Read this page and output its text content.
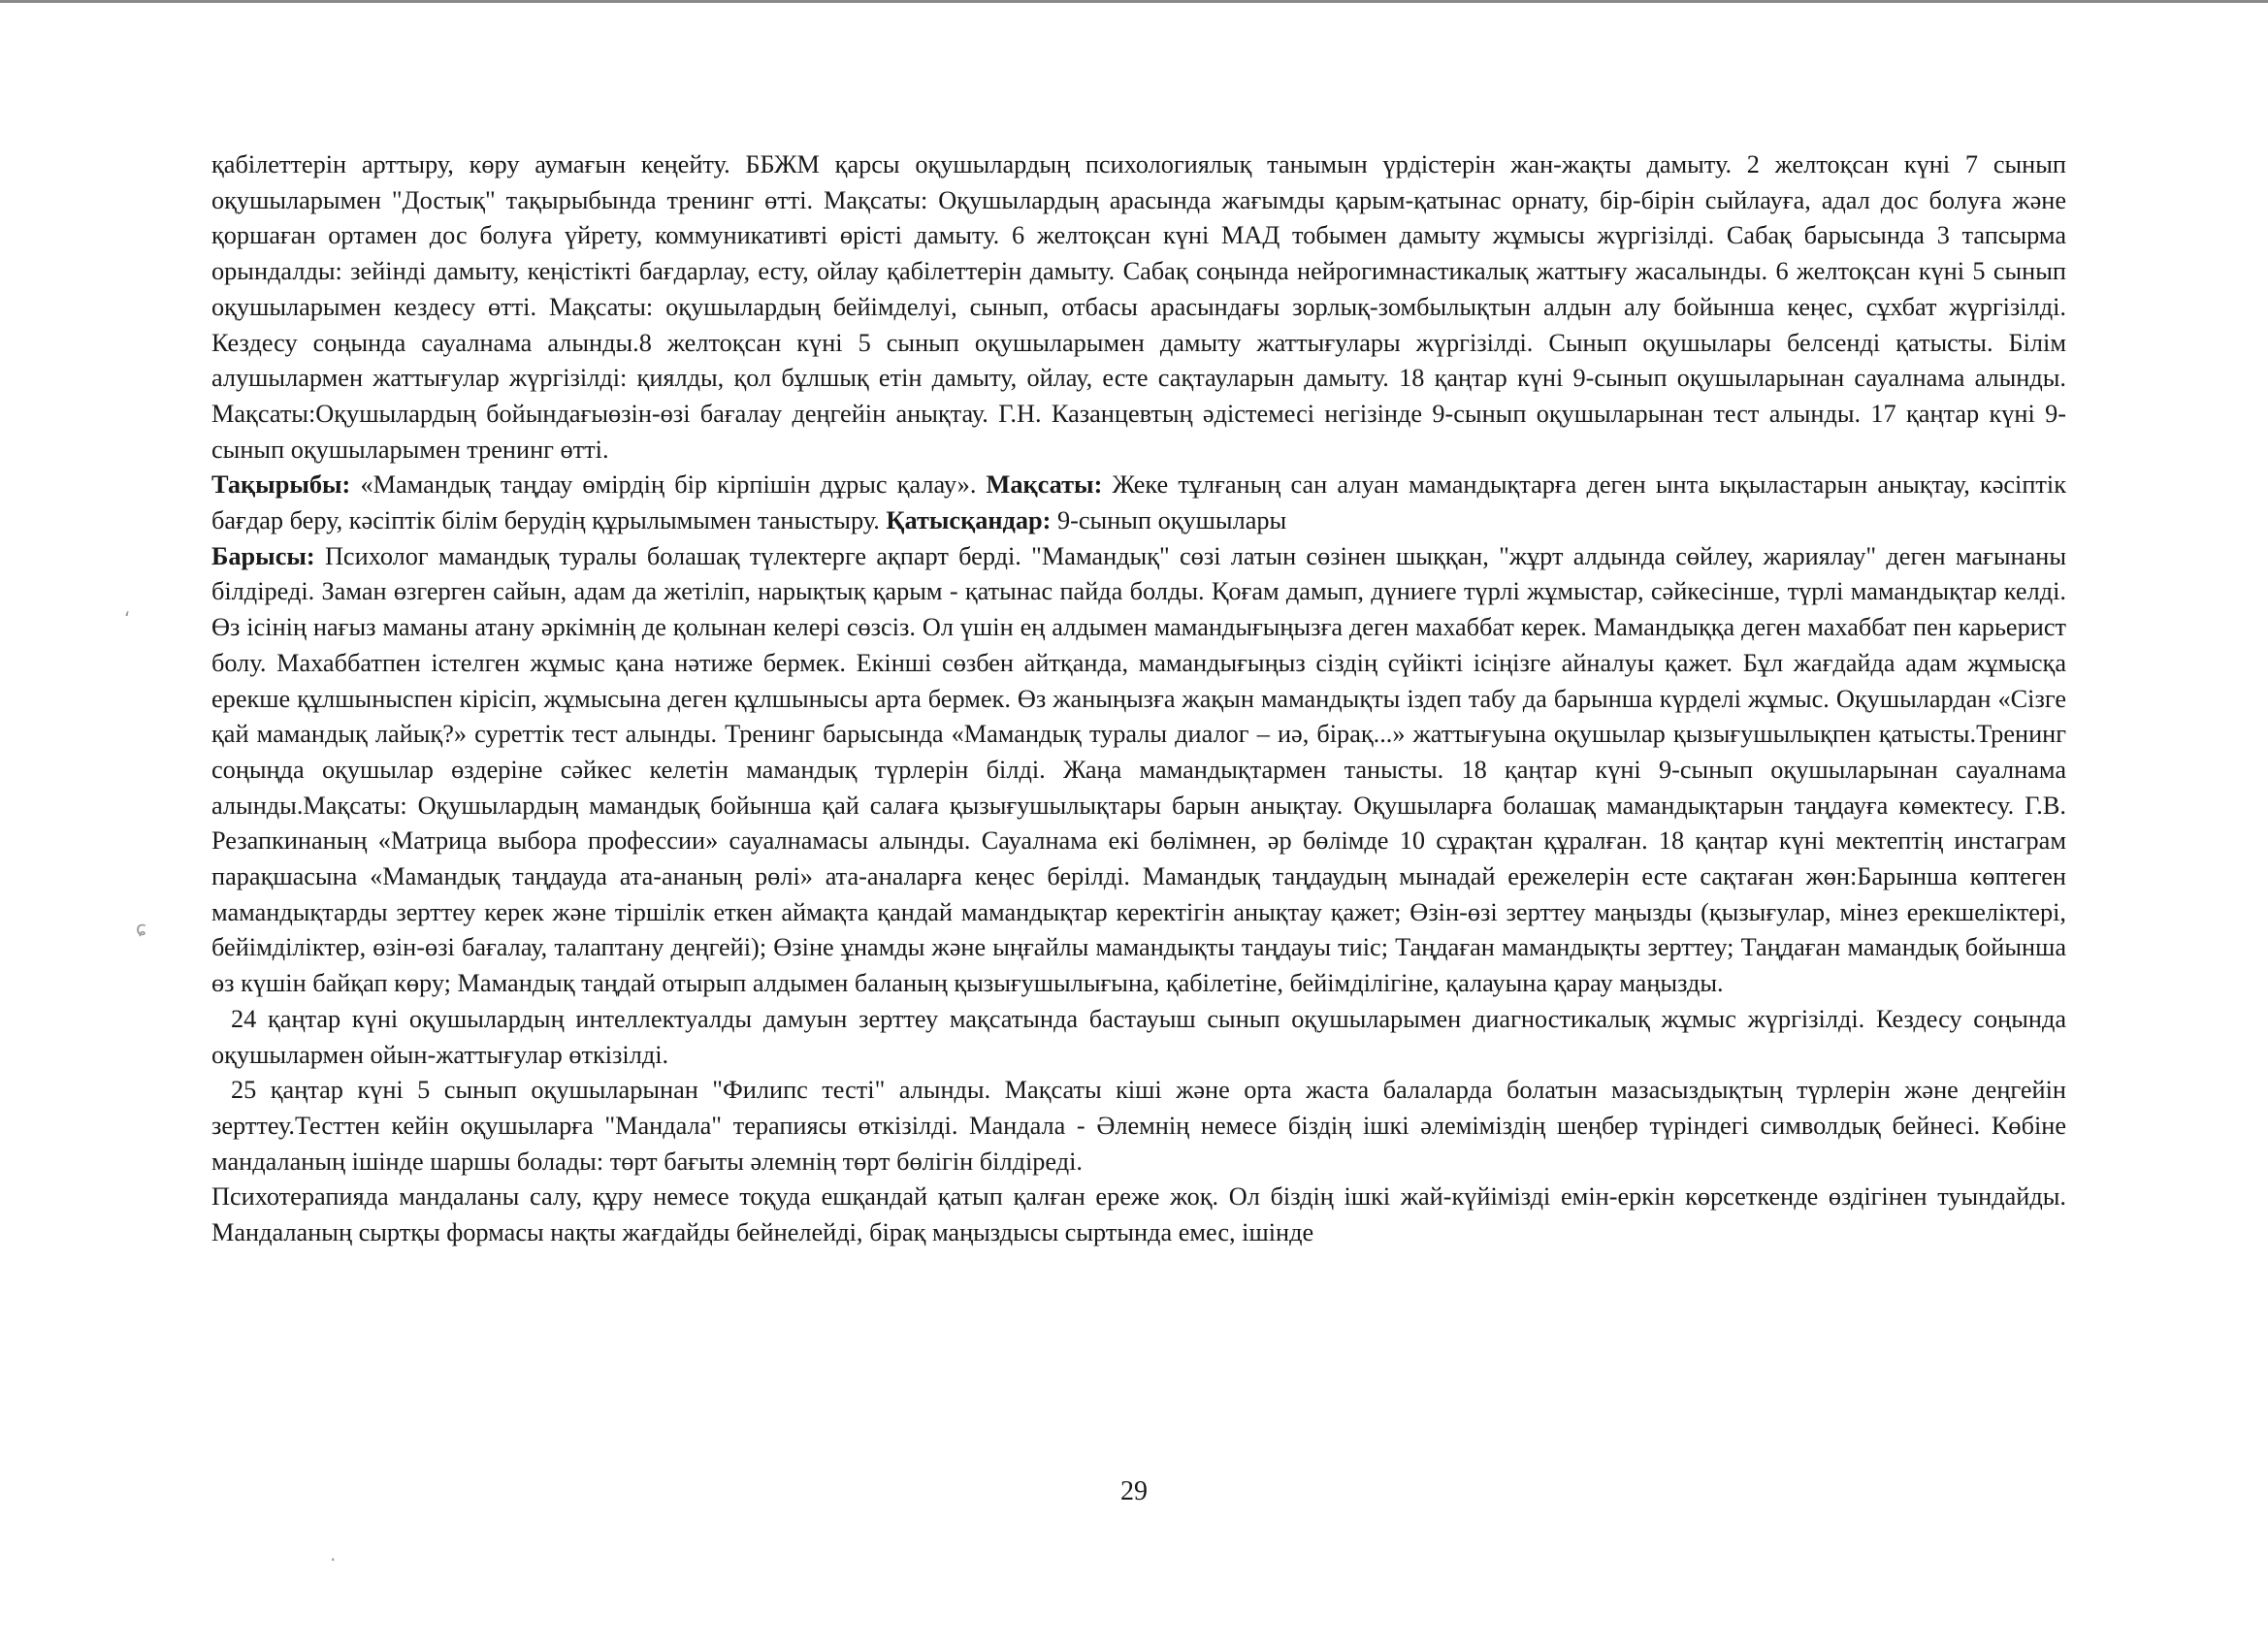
қабілеттерін арттыру, көру аумағын кеңейту. ББЖМ қарсы оқушылардың психологиялық танымын үрдістерін жан-жақты дамыту. 2 желтоқсан күні 7 сынып оқушыларымен "Достық" тақырыбында тренинг өтті. Мақсаты: Оқушылардың арасында жағымды қарым-қатынас орнату, бір-бірін сыйлауға, адал дос болуға және қоршаған ортамен дос болуға үйрету, коммуникативті өрісті дамыту. 6 желтоқсан күні МАД тобымен дамыту жұмысы жүргізілді. Сабақ барысында 3 тапсырма орындалды: зейінді дамыту, кеңістікті бағдарлау, есту, ойлау қабілеттерін дамыту. Сабақ соңында нейрогимнастикалық жаттығу жасалынды. 6 желтоқсан күні 5 сынып оқушыларымен кездесу өтті. Мақсаты: оқушылардың бейімделуі, сынып, отбасы арасындағы зорлық-зомбылықтын алдын алу бойынша кеңес, сұхбат жүргізілді. Кездесу соңында сауалнама алынды.8 желтоқсан күні 5 сынып оқушыларымен дамыту жаттығулары жүргізілді. Сынып оқушылары белсенді қатысты. Білім алушылармен жаттығулар жүргізілді: қиялды, қол бұлшық етін дамыту, ойлау, есте сақтауларын дамыту. 18 қаңтар күні 9-сынып оқушыларынан сауалнама алынды. Мақсаты:Оқушылардың бойындағыөзін-өзі бағалау деңгейін анықтау. Г.Н. Казанцевтың әдістемесі негізінде 9-сынып оқушыларынан тест алынды. 17 қаңтар күні 9-сынып оқушыларымен тренинг өтті.

Тақырыбы: «Мамандық таңдау өмірдің бір кірпішін дұрыс қалау». Мақсаты: Жеке тұлғаның сан алуан мамандықтарға деген ынта ықыластарын анықтау, кәсіптік бағдар беру, кәсіптік білім берудің құрылымымен таныстыру. Қатысқандар: 9-сынып оқушылары

Барысы: Психолог мамандық туралы болашақ түлектерге ақпарт берді. "Мамандық" сөзі латын сөзінен шыққан, "жұрт алдында сөйлеу, жариялау" деген мағынаны білдіреді. Заман өзгерген сайын, адам да жетіліп, нарықтық қарым - қатынас пайда болды. Қоғам дамып, дүниеге түрлі жұмыстар, сәйкесінше, түрлі мамандықтар келді. Өз ісінің нағыз маманы атану әркімнің де қолынан келері сөзсіз. Ол үшін ең алдымен мамандығыңызға деген махаббат керек. Мамандыққа деген махаббат пен карьерист болу. Махаббатпен істелген жұмыс қана нәтиже бермек. Екінші сөзбен айтқанда, мамандығыңыз сіздің сүйікті ісіңізге айналуы қажет. Бұл жағдайда адам жұмысқа ерекше құлшыныспен кірісіп, жұмысына деген құлшынысы арта бермек. Өз жаныңызға жақын мамандықты іздеп табу да барынша күрделі жұмыс. Оқушылардан «Сізге қай мамандық лайық?» суреттік тест алынды. Тренинг барысында «Мамандық туралы диалог – иә, бірақ...» жаттығуына оқушылар қызығушылықпен қатысты.Тренинг соңыңда оқушылар өздеріне сәйкес келетін мамандық түрлерін білді. Жаңа мамандықтармен танысты. 18 қаңтар күні 9-сынып оқушыларынан сауалнама алынды.Мақсаты: Оқушылардың мамандық бойынша қай салаға қызығушылықтары барын анықтау. Оқушыларға болашақ мамандықтарын таңдауға көмектесу. Г.В. Резапкинаның «Матрица выбора профессии» сауалнамасы алынды. Сауалнама екі бөлімнен, әр бөлімде 10 сұрақтан құралған. 18 қаңтар күні мектептің инстаграм парақшасына «Мамандық таңдауда ата-ананың рөлі» ата-аналарға кеңес берілді. Мамандық таңдаудың мынадай ережелерін есте сақтаған жөн:Барынша көптеген мамандықтарды зерттеу керек және тіршілік еткен аймақта қандай мамандықтар керектігін анықтау қажет; Өзін-өзі зерттеу маңызды (қызығулар, мінез ерекшеліктері, бейімділіктер, өзін-өзі бағалау, талаптану деңгейі); Өзіне ұнамды және ыңғайлы мамандықты таңдауы тиіс; Таңдаған мамандықты зерттеу; Таңдаған мамандық бойынша өз күшін байқап көру; Мамандық таңдай отырып алдымен баланың қызығушылығына, қабілетіне, бейімділігіне, қалауына қарау маңызды.

24 қаңтар күні оқушылардың интеллектуалды дамуын зерттеу мақсатында бастауыш сынып оқушыларымен диагностикалық жұмыс жүргізілді. Кездесу соңында оқушылармен ойын-жаттығулар өткізілді.

25 қаңтар күні 5 сынып оқушыларынан "Филипс тесті" алынды. Мақсаты кіші және орта жаста балаларда болатын мазасыздықтың түрлерін және деңгейін зерттеу.Тесттен кейін оқушыларға "Мандала" терапиясы өткізілді. Мандала - Әлемнің немесе біздің ішкі әлеміміздің шеңбер түріндегі символдық бейнесі. Көбіне мандаланың ішінде шаршы болады: төрт бағыты әлемнің төрт бөлігін білдіреді.

Психотерапияда мандаланы салу, құру немесе тоқуда ешқандай қатып қалған ереже жоқ. Ол біздің ішкі жай-күйімізді емін-еркін көрсеткенде өздігінен туындайды. Мандаланың сыртқы формасы нақты жағдайды бейнелейді, бірақ маңыздысы сыртында емес, ішінде

29
ʻ
ɕ
·
